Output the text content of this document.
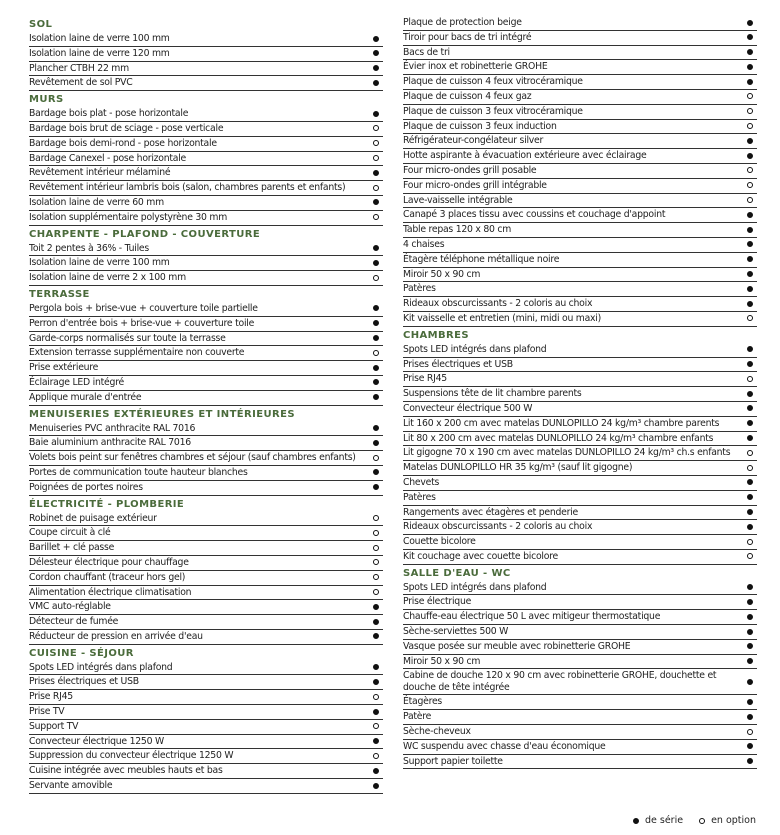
SOL
Isolation laine de verre 100 mm
Isolation laine de verre 120 mm
Plancher CTBH 22 mm
Revêtement de sol PVC
MURS
Bardage bois plat - pose horizontale
Bardage bois brut de sciage - pose verticale
Bardage bois demi-rond - pose horizontale
Bardage Canexel - pose horizontale
Revêtement intérieur mélaminé
Revêtement intérieur lambris bois (salon, chambres parents et enfants)
Isolation laine de verre 60 mm
Isolation supplémentaire polystyrène 30 mm
CHARPENTE - PLAFOND - COUVERTURE
Toit 2 pentes à 36% - Tuiles
Isolation laine de verre 100 mm
Isolation laine de verre 2 x 100 mm
TERRASSE
Pergola bois + brise-vue + couverture toile partielle
Perron d'entrée bois + brise-vue + couverture toile
Garde-corps normalisés sur toute la terrasse
Extension terrasse supplémentaire non couverte
Prise extérieure
Éclairage LED intégré
Applique murale d'entrée
MENUISERIES EXTÉRIEURES ET INTÉRIEURES
Menuiseries PVC anthracite RAL 7016
Baie aluminium anthracite RAL 7016
Volets bois peint sur fenêtres chambres et séjour (sauf chambres enfants)
Portes de communication toute hauteur blanches
Poignées de portes noires
ÉLECTRICITÉ - PLOMBERIE
Robinet de puisage extérieur
Coupe circuit à clé
Barillet + clé passe
Délesteur électrique pour chauffage
Cordon chauffant (traceur hors gel)
Alimentation électrique climatisation
VMC auto-réglable
Détecteur de fumée
Réducteur de pression en arrivée d'eau
CUISINE - SÉJOUR
Spots LED intégrés dans plafond
Prises électriques et USB
Prise RJ45
Prise TV
Support TV
Convecteur électrique 1250 W
Suppression du convecteur électrique 1250 W
Cuisine intégrée avec meubles hauts et bas
Servante amovible
Plaque de protection beige
Tiroir pour bacs de tri intégré
Bacs de tri
Évier inox et robinetterie GROHE
Plaque de cuisson 4 feux vitrocéramique
Plaque de cuisson 4 feux gaz
Plaque de cuisson 3 feux vitrocéramique
Plaque de cuisson 3 feux induction
Réfrigérateur-congélateur silver
Hotte aspirante à évacuation extérieure avec éclairage
Four micro-ondes grill posable
Four micro-ondes grill intégrable
Lave-vaisselle intégrable
Canapé 3 places tissu avec coussins et couchage d'appoint
Table repas 120 x 80 cm
4 chaises
Étagère téléphone métallique noire
Miroir 50 x 90 cm
Patères
Rideaux obscurcissants - 2 coloris au choix
Kit vaisselle et entretien (mini, midi ou maxi)
CHAMBRES
Spots LED intégrés dans plafond
Prises électriques et USB
Prise RJ45
Suspensions tête de lit chambre parents
Convecteur électrique 500 W
Lit 160 x 200 cm avec matelas DUNLOPILLO 24 kg/m³ chambre parents
Lit 80 x 200 cm avec matelas DUNLOPILLO 24 kg/m³ chambre enfants
Lit gigogne 70 x 190 cm avec matelas DUNLOPILLO 24 kg/m³ ch.s enfants
Matelas DUNLOPILLO HR 35 kg/m³ (sauf lit gigogne)
Chevets
Patères
Rangements avec étagères et penderie
Rideaux obscurcissants - 2 coloris au choix
Couette bicolore
Kit couchage avec couette bicolore
SALLE D'EAU - WC
Spots LED intégrés dans plafond
Prise électrique
Chauffe-eau électrique 50 L avec mitigeur thermostatique
Sèche-serviettes 500 W
Vasque posée sur meuble avec robinetterie GROHE
Miroir 50 x 90 cm
Cabine de douche 120 x 90 cm avec robinetterie GROHE, douchette et douche de tête intégrée
Étagères
Patère
Sèche-cheveux
WC suspendu avec chasse d'eau économique
Support papier toilette
de série	en option
